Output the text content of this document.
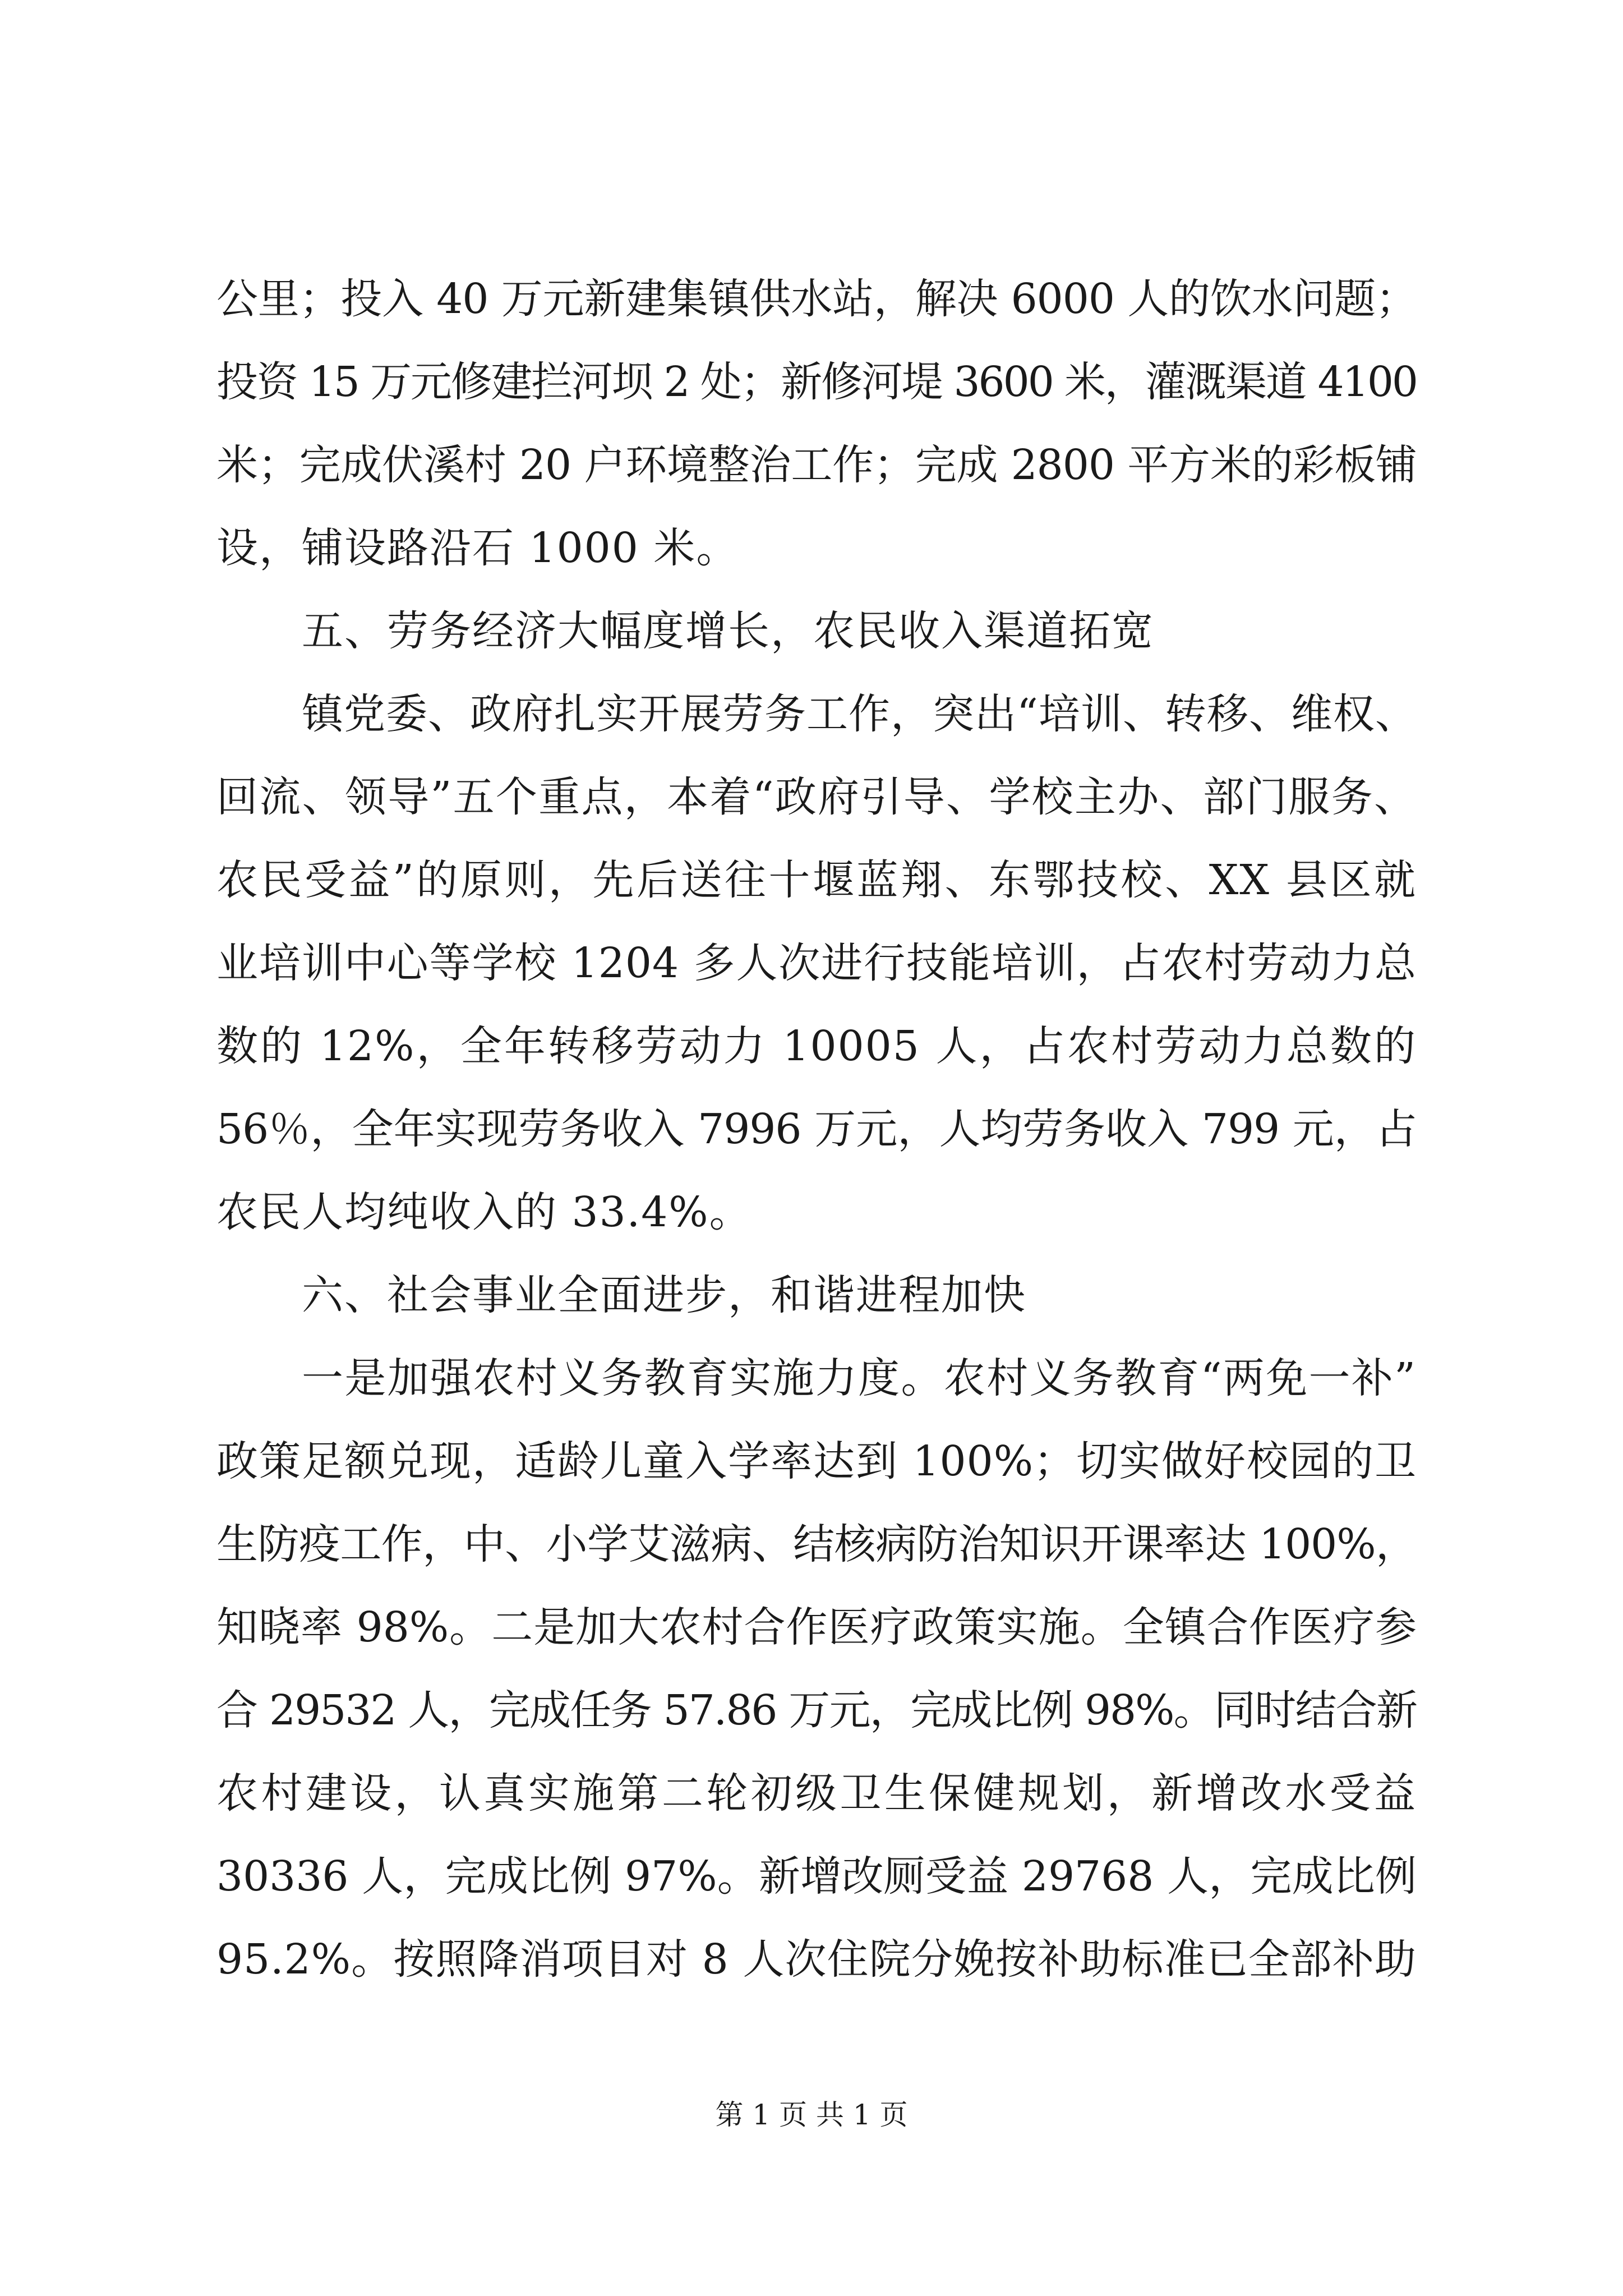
公里；投入 40 万元新建集镇供水站，解决 6000 人的饮水问题；
投资 15 万元修建拦河坝 2 处；新修河堤 3600 米，灌溉渠道 4100
米；完成伏溪村 20 户环境整治工作；完成 2800 平方米的彩板铺
设，铺设路沿石 1000 米。
五、劳务经济大幅度增长，农民收入渠道拓宽
镇党委、政府扎实开展劳务工作，突出“培训、转移、维权、
回流、领导”五个重点，本着“政府引导、学校主办、部门服务、
农民受益”的原则，先后送往十堰蓝翔、东鄂技校、XX 县区就
业培训中心等学校 1204 多人次进行技能培训，占农村劳动力总
数的 12%，全年转移劳动力 10005 人，占农村劳动力总数的
56％，全年实现劳务收入 7996 万元，人均劳务收入 799 元，占
农民人均纯收入的 33.4%。
六、社会事业全面进步，和谐进程加快
一是加强农村义务教育实施力度。农村义务教育“两免一补”
政策足额兑现，适龄儿童入学率达到 100%；切实做好校园的卫
生防疫工作，中、小学艾滋病、结核病防治知识开课率达 100%，
知晓率 98%。二是加大农村合作医疗政策实施。全镇合作医疗参
合 29532 人，完成任务 57.86 万元，完成比例 98%。同时结合新
农村建设，认真实施第二轮初级卫生保健规划，新增改水受益
30336 人，完成比例 97%。新增改厕受益 29768 人，完成比例
95.2%。按照降消项目对 8 人次住院分娩按补助标准已全部补助
第 1 页 共 1 页
